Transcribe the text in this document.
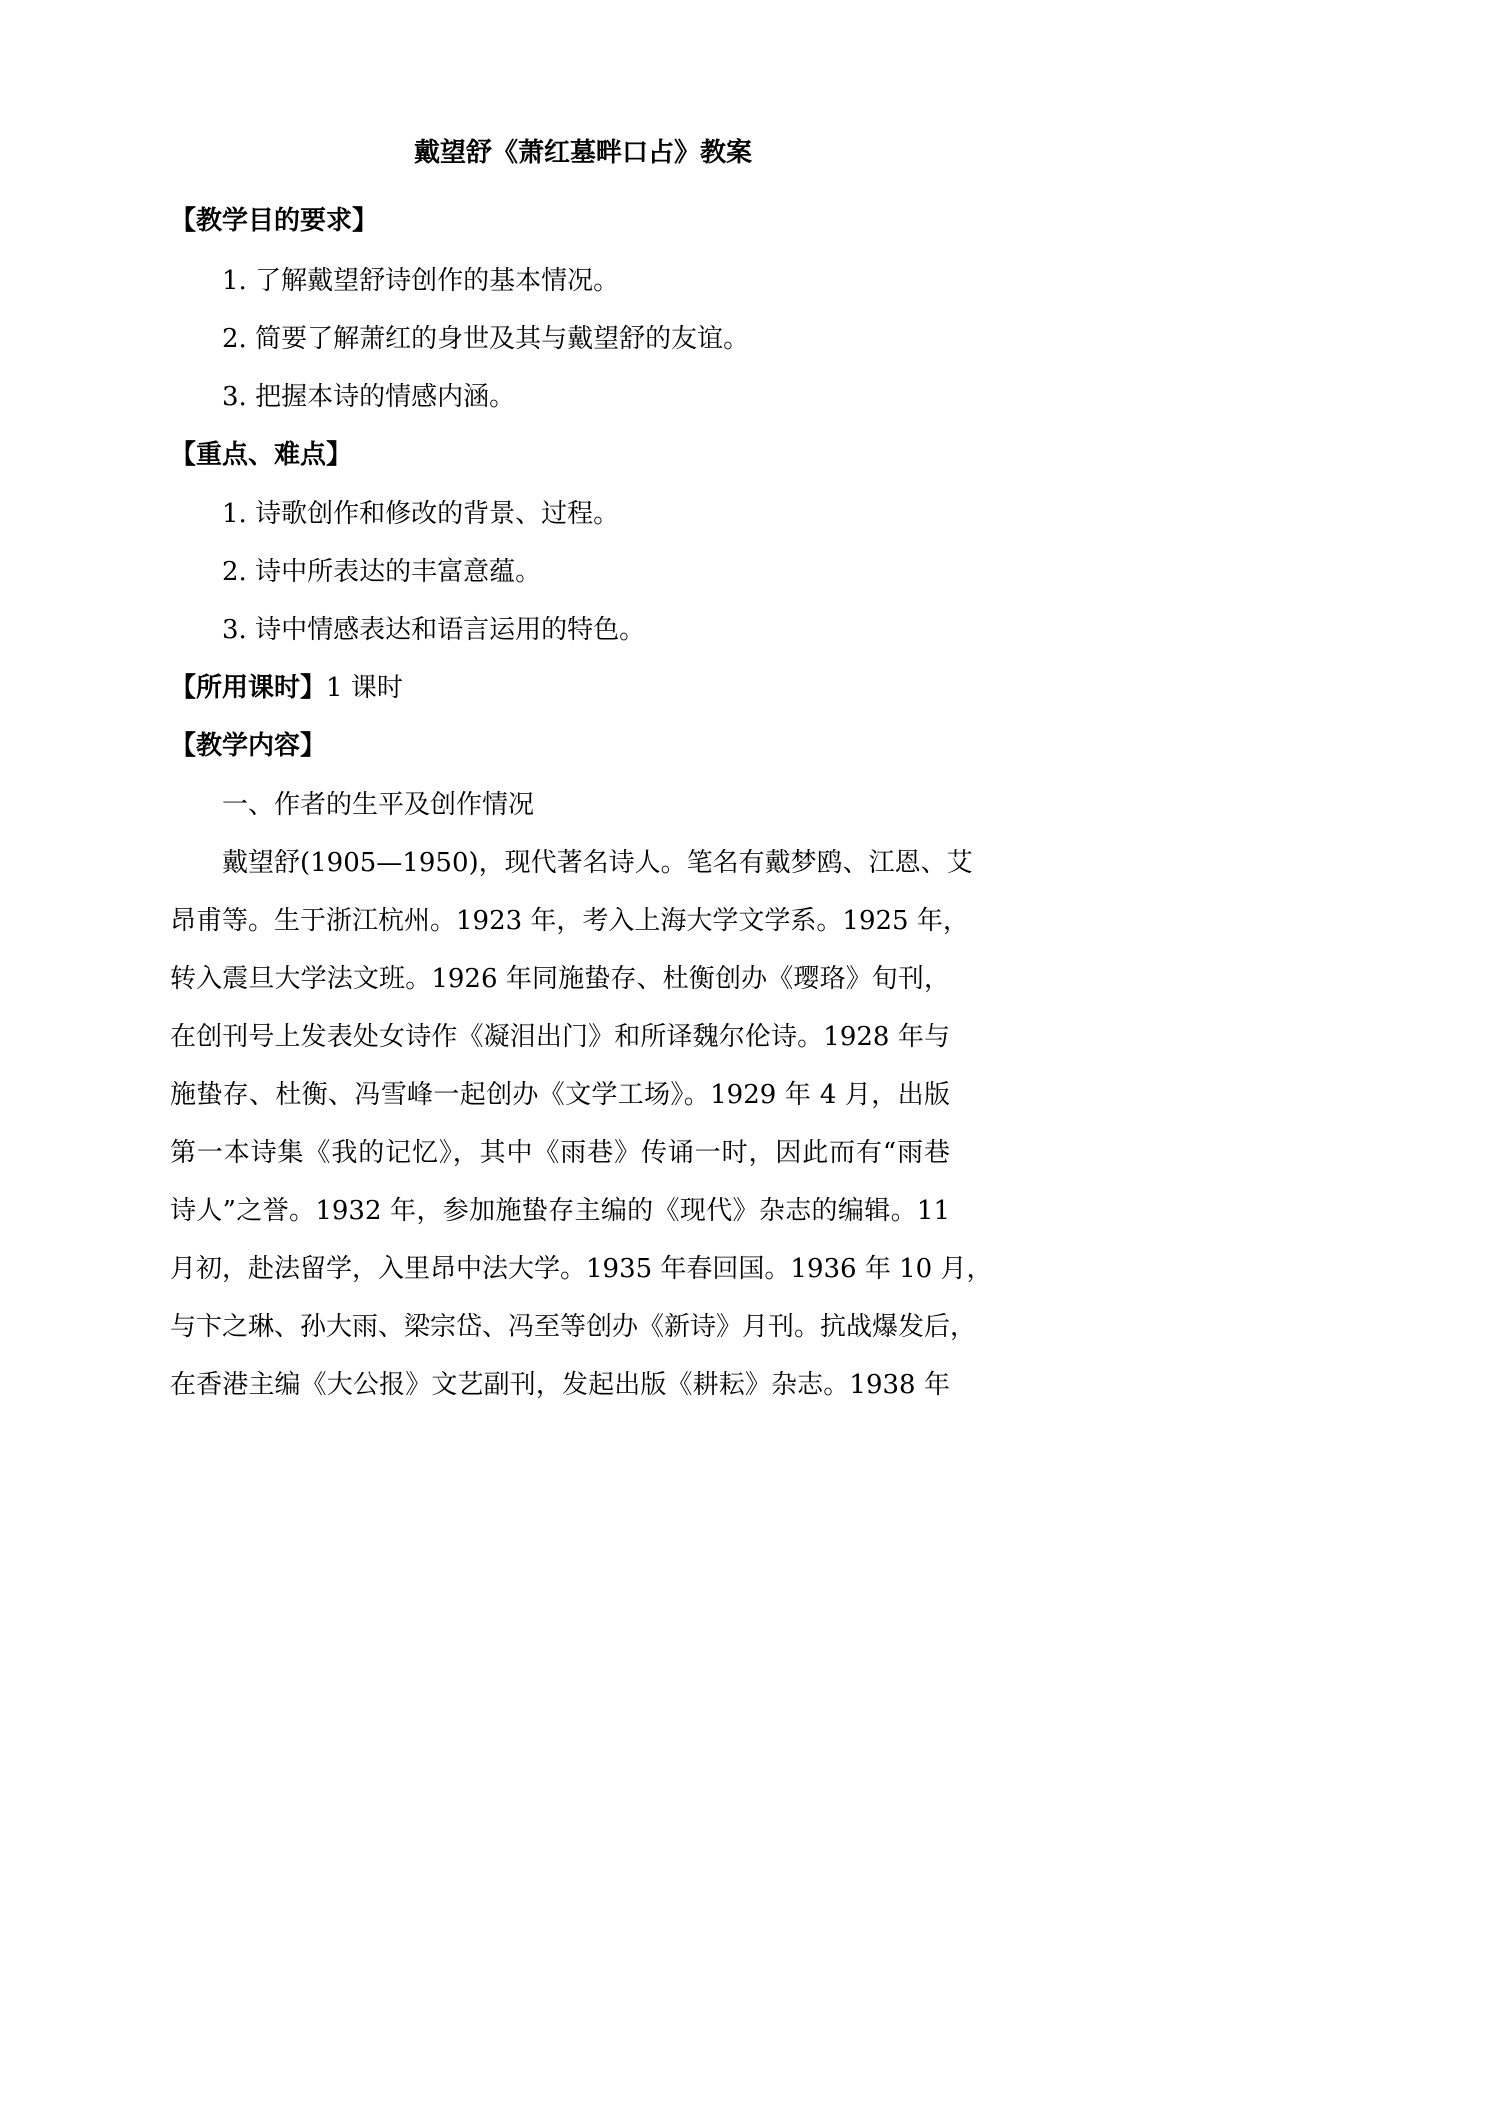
戴望舒《萧红墓畔口占》教案
【教学目的要求】
1. 了解戴望舒诗创作的基本情况。
2. 简要了解萧红的身世及其与戴望舒的友谊。
3. 把握本诗的情感内涵。
【重点、难点】
1. 诗歌创作和修改的背景、过程。
2. 诗中所表达的丰富意蕴。
3. 诗中情感表达和语言运用的特色。
【所用课时】1 课时
【教学内容】
一、作者的生平及创作情况
戴望舒(1905—1950)，现代著名诗人。笔名有戴梦鸥、江恩、艾
昂甫等。生于浙江杭州。1923 年，考入上海大学文学系。1925 年，
转入震旦大学法文班。1926 年同施蛰存、杜衡创办《璎珞》旬刊，
在创刊号上发表处女诗作《凝泪出门》和所译魏尔伦诗。1928 年与
施蛰存、杜衡、冯雪峰一起创办《文学工场》。1929 年 4 月，出版
第一本诗集《我的记忆》，其中《雨巷》传诵一时，因此而有“雨巷
诗人”之誉。1932 年，参加施蛰存主编的《现代》杂志的编辑。11
月初，赴法留学，入里昂中法大学。1935 年春回国。1936 年 10 月，
与卞之琳、孙大雨、梁宗岱、冯至等创办《新诗》月刊。抗战爆发后，
在香港主编《大公报》文艺副刊，发起出版《耕耘》杂志。1938 年
